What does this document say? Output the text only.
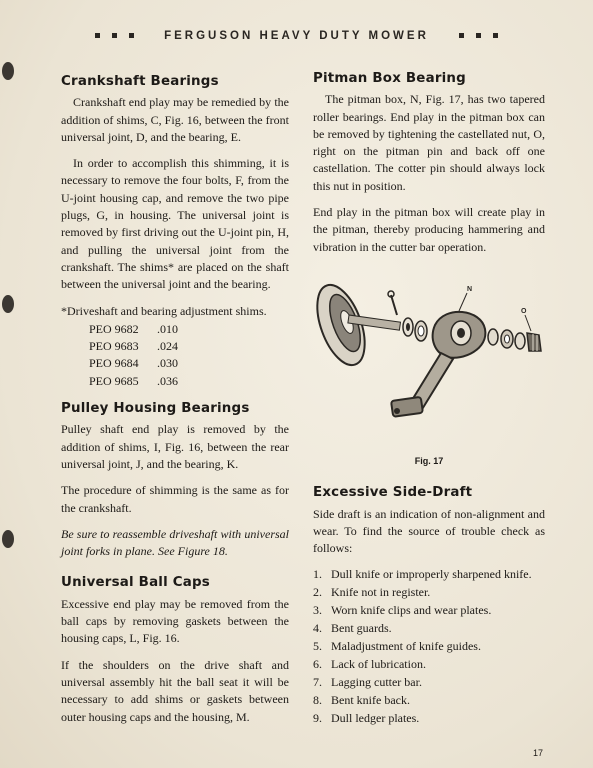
FERGUSON HEAVY DUTY MOWER
Crankshaft Bearings

Crankshaft end play may be remedied by the addition of shims, C, Fig. 16, between the front universal joint, D, and the bearing, E.

In order to accomplish this shimming, it is necessary to remove the four bolts, F, from the U-joint housing cap, and remove the two pipe plugs, G, in housing. The universal joint is removed by first driving out the U-joint pin, H, and pulling the universal joint from the crankshaft. The shims* are placed on the shaft between the universal joint and the bearing.

*Driveshaft and bearing adjustment shims.

PEO 9682	.010
PEO 9683	.024
PEO 9684	.030
PEO 9685	.036
Pulley Housing Bearings

Pulley shaft end play is removed by the addition of shims, I, Fig. 16, between the rear universal joint, J, and the bearing, K.

The procedure of shimming is the same as for the crankshaft.

Be sure to reassemble driveshaft with universal joint forks in plane. See Figure 18.

Universal Ball Caps

Excessive end play may be removed from the ball caps by removing gaskets between the housing caps, L, Fig. 16.

If the shoulders on the drive shaft and universal assembly hit the ball seat it will be necessary to add shims or gaskets between outer housing caps and the housing, M.

Pitman Box Bearing

The pitman box, N, Fig. 17, has two tapered roller bearings. End play in the pitman box can be removed by tightening the castellated nut, O, right on the pitman pin and back off one castellation. The cotter pin should always lock this nut in position.

End play in the pitman box will create play in the pitman, thereby producing hammering and vibration in the cutter bar operation.

N
O
Fig. 17
Excessive Side-Draft

Side draft is an indication of non-alignment and wear. To find the source of trouble check as follows:

1. Dull knife or improperly sharpened knife.
2. Knife not in register.
3. Worn knife clips and wear plates.
4. Bent guards.
5. Maladjustment of knife guides.
6. Lack of lubrication.
7. Lagging cutter bar.
8. Bent knife back.
9. Dull ledger plates.
17
